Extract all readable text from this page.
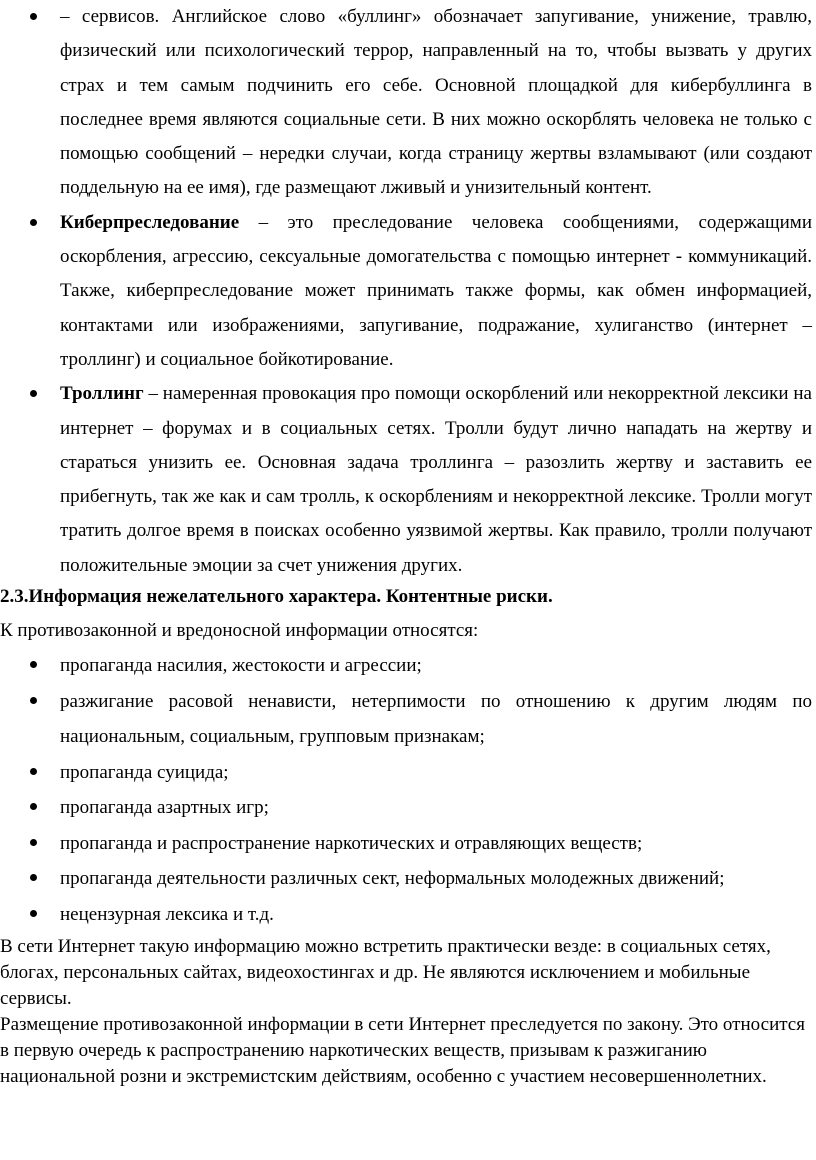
– сервисов. Английское слово «буллинг» обозначает запугивание, унижение, травлю, физический или психологический террор, направленный на то, чтобы вызвать у других страх и тем самым подчинить его себе. Основной площадкой для кибербуллинга в последнее время являются социальные сети. В них можно оскорблять человека не только с помощью сообщений – нередки случаи, когда страницу жертвы взламывают (или создают поддельную на ее имя), где размещают лживый и унизительный контент.
Киберпреследование – это преследование человека сообщениями, содержащими оскорбления, агрессию, сексуальные домогательства с помощью интернет - коммуникаций. Также, киберпреследование может принимать также формы, как обмен информацией, контактами или изображениями, запугивание, подражание, хулиганство (интернет – троллинг) и социальное бойкотирование.
Троллинг – намеренная провокация про помощи оскорблений или некорректной лексики на интернет – форумах и в социальных сетях. Тролли будут лично нападать на жертву и стараться унизить ее. Основная задача троллинга – разозлить жертву и заставить ее прибегнуть, так же как и сам тролль, к оскорблениям и некорректной лексике. Тролли могут тратить долгое время в поисках особенно уязвимой жертвы. Как правило, тролли получают положительные эмоции за счет унижения других.
2.3.Информация нежелательного характера. Контентные риски.
К противозаконной и вредоносной информации относятся:
пропаганда насилия, жестокости и агрессии;
разжигание расовой ненависти, нетерпимости по отношению к другим людям по национальным, социальным, групповым признакам;
пропаганда суицида;
пропаганда азартных игр;
пропаганда и распространение наркотических и отравляющих веществ;
пропаганда деятельности различных сект, неформальных молодежных движений;
нецензурная лексика и т.д.

В сети Интернет такую информацию можно встретить практически везде: в социальных сетях, блогах, персональных сайтах, видеохостингах и др. Не являются исключением и мобильные сервисы.

Размещение противозаконной информации в сети Интернет преследуется по закону. Это относится в первую очередь к распространению наркотических веществ, призывам к разжиганию национальной розни и экстремистским действиям, особенно с участием несовершеннолетних.
